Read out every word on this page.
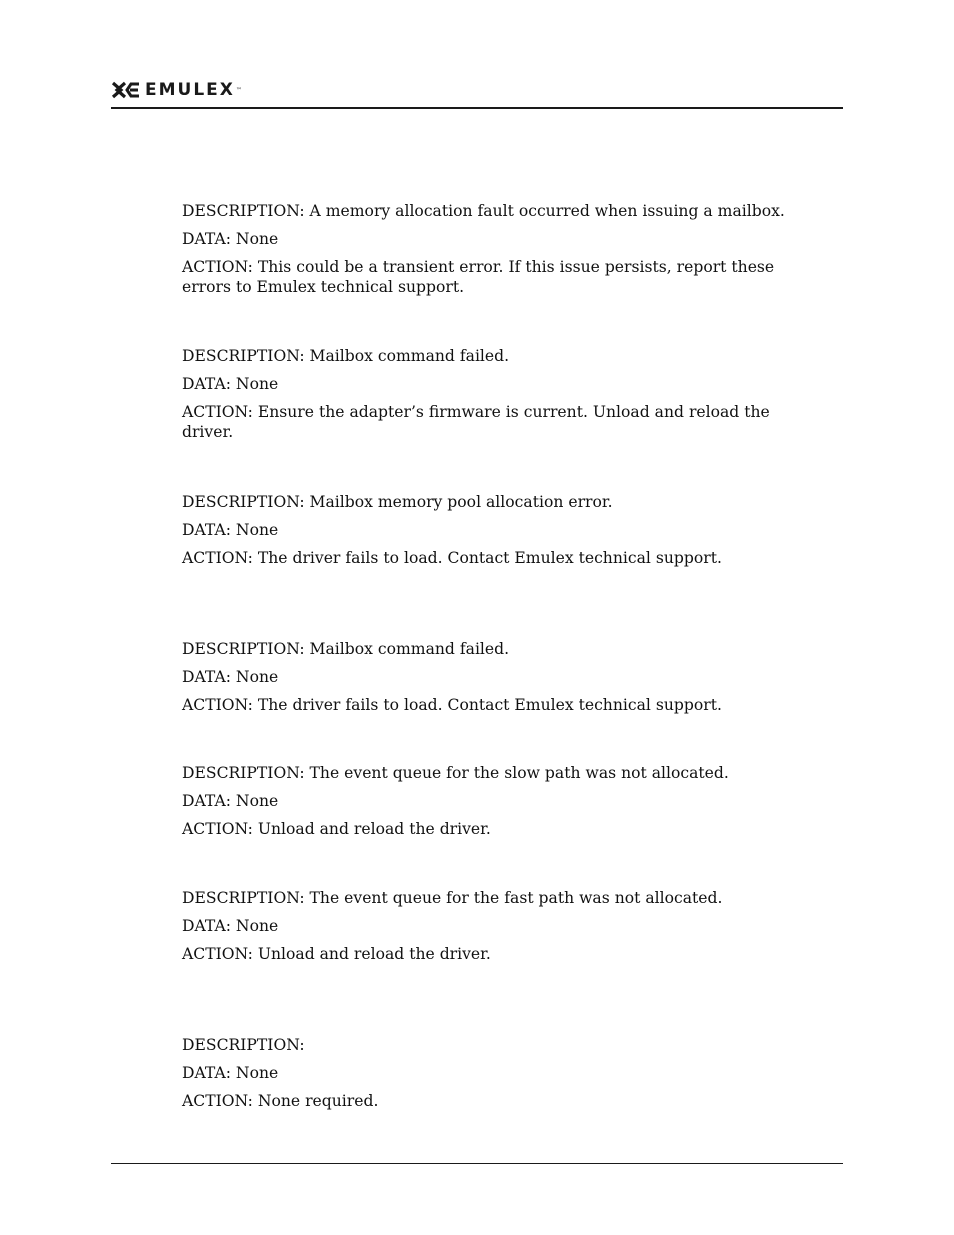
EMULEX ™

DESCRIPTION: A memory allocation fault occurred when issuing a mailbox.

DATA: None

ACTION: This could be a transient error. If this issue persists, report these errors to Emulex technical support.

DESCRIPTION: Mailbox command failed.

DATA: None

ACTION: Ensure the adapter’s firmware is current. Unload and reload the driver.

DESCRIPTION: Mailbox memory pool allocation error.

DATA: None

ACTION: The driver fails to load. Contact Emulex technical support.

DESCRIPTION: Mailbox command failed.

DATA: None

ACTION: The driver fails to load. Contact Emulex technical support.

DESCRIPTION: The event queue for the slow path was not allocated.

DATA: None

ACTION: Unload and reload the driver.

DESCRIPTION: The event queue for the fast path was not allocated.

DATA: None

ACTION: Unload and reload the driver.

DESCRIPTION:

DATA: None

ACTION: None required.
